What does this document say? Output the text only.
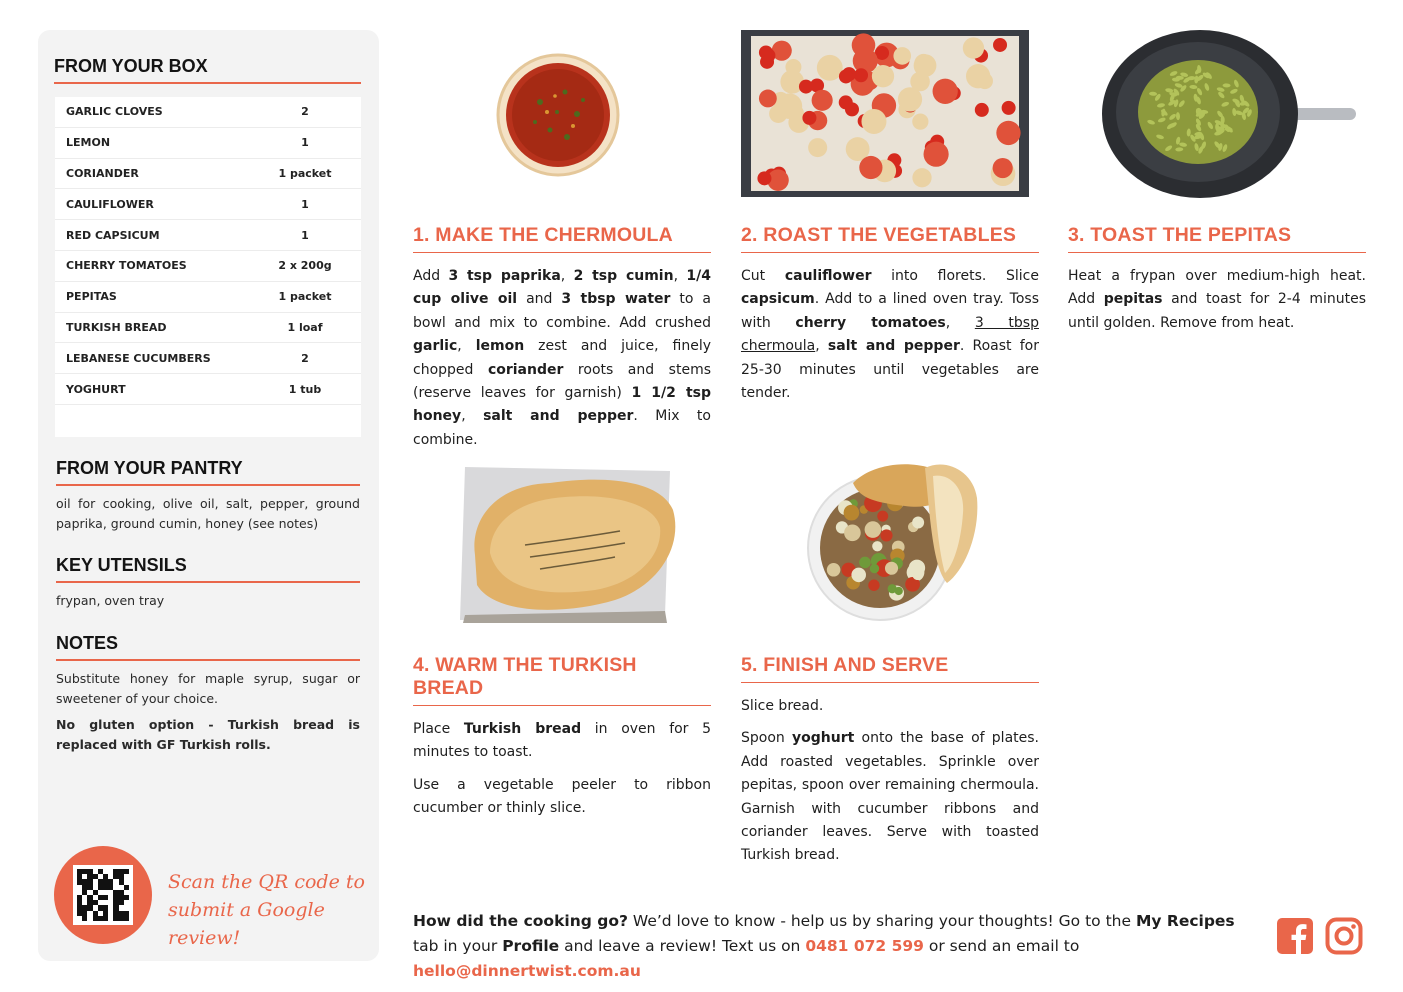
FROM YOUR BOX
GARLIC CLOVES	2
LEMON	1
CORIANDER	1 packet
CAULIFLOWER	1
RED CAPSICUM	1
CHERRY TOMATOES	2 x 200g
PEPITAS	1 packet
TURKISH BREAD	1 loaf
LEBANESE CUCUMBERS	2
YOGHURT	1 tub
FROM YOUR PANTRY
oil for cooking, olive oil, salt, pepper, ground paprika, ground cumin, honey (see notes)
KEY UTENSILS
frypan, oven tray
NOTES
Substitute honey for maple syrup, sugar or sweetener of your choice.
No gluten option - Turkish bread is replaced with GF Turkish rolls.
Scan the QR code to
submit a Google review!
1. MAKE THE CHERMOULA

Add 3 tsp paprika, 2 tsp cumin, 1/4 cup olive oil and 3 tbsp water to a bowl and mix to combine. Add crushed garlic, lemon zest and juice, finely chopped coriander roots and stems (reserve leaves for garnish) 1 1/2 tsp honey, salt and pepper. Mix to combine.

2. ROAST THE VEGETABLES

Cut cauliflower into florets. Slice capsicum. Add to a lined oven tray. Toss with cherry tomatoes, 3 tbsp chermoula, salt and pepper. Roast for 25-30 minutes until vegetables are tender.

3. TOAST THE PEPITAS

Heat a frypan over medium-high heat. Add pepitas and toast for 2-4 minutes until golden. Remove from heat.

4. WARM THE TURKISH BREAD

Place Turkish bread in oven for 5 minutes to toast.

Use a vegetable peeler to ribbon cucumber or thinly slice.

5. FINISH AND SERVE

Slice bread.

Spoon yoghurt onto the base of plates. Add roasted vegetables. Sprinkle over pepitas, spoon over remaining chermoula. Garnish with cucumber ribbons and coriander leaves. Serve with toasted Turkish bread.

How did the cooking go? We’d love to know - help us by sharing your thoughts! Go to the My Recipes tab in your Profile and leave a review! Text us on 0481 072 599 or send an email to hello@dinnertwist.com.au
